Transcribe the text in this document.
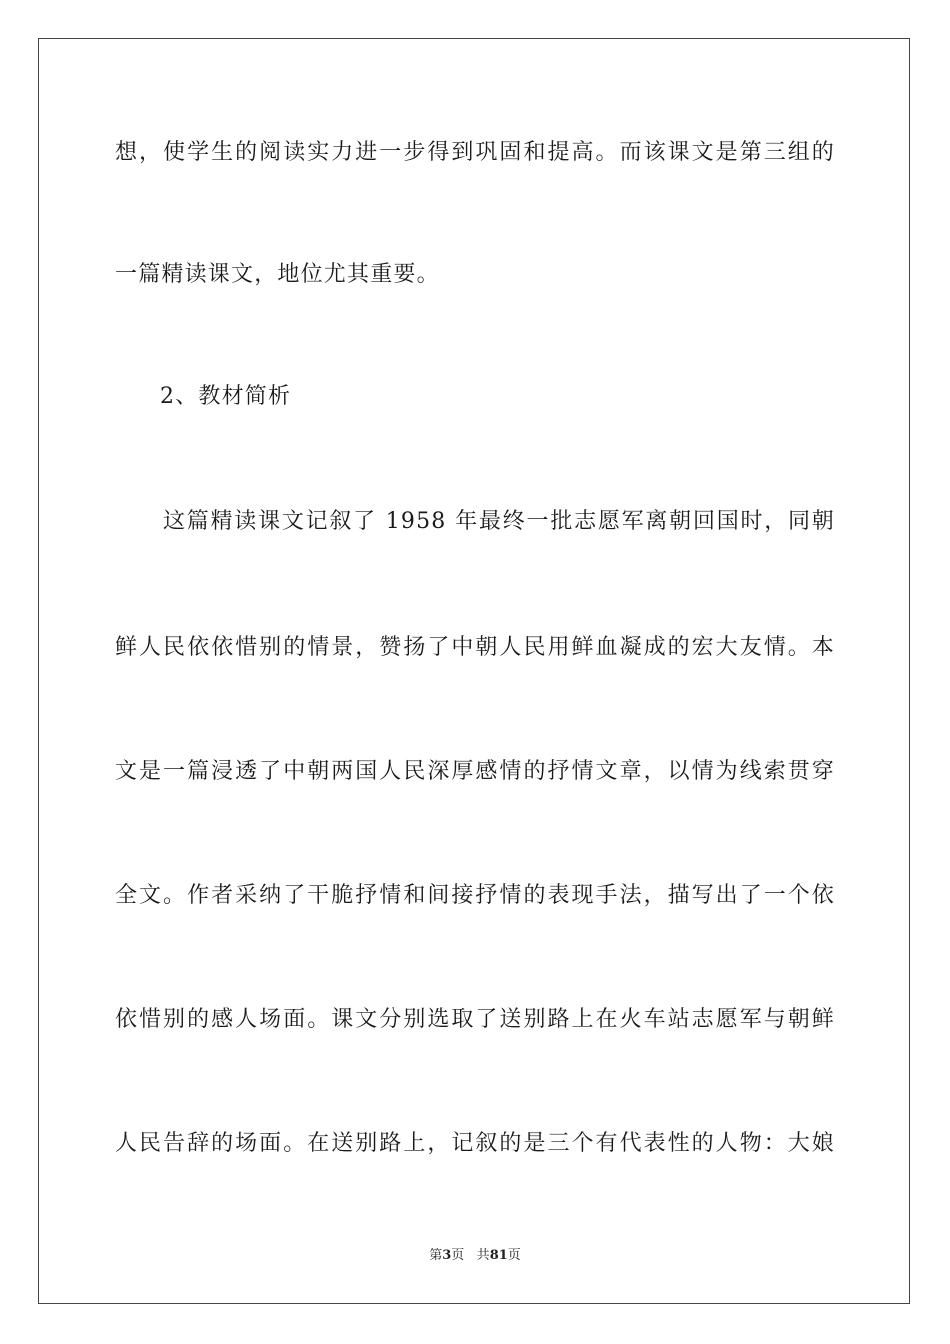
想，使学生的阅读实力进一步得到巩固和提高。而该课文是第三组的
一篇精读课文，地位尤其重要。
2、教材简析
这篇精读课文记叙了 1958 年最终一批志愿军离朝回国时，同朝
鲜人民依依惜别的情景，赞扬了中朝人民用鲜血凝成的宏大友情。本
文是一篇浸透了中朝两国人民深厚感情的抒情文章，以情为线索贯穿
全文。作者采纳了干脆抒情和间接抒情的表现手法，描写出了一个依
依惜别的感人场面。课文分别选取了送别路上在火车站志愿军与朝鲜
人民告辞的场面。在送别路上，记叙的是三个有代表性的人物：大娘
第3页 共81页
